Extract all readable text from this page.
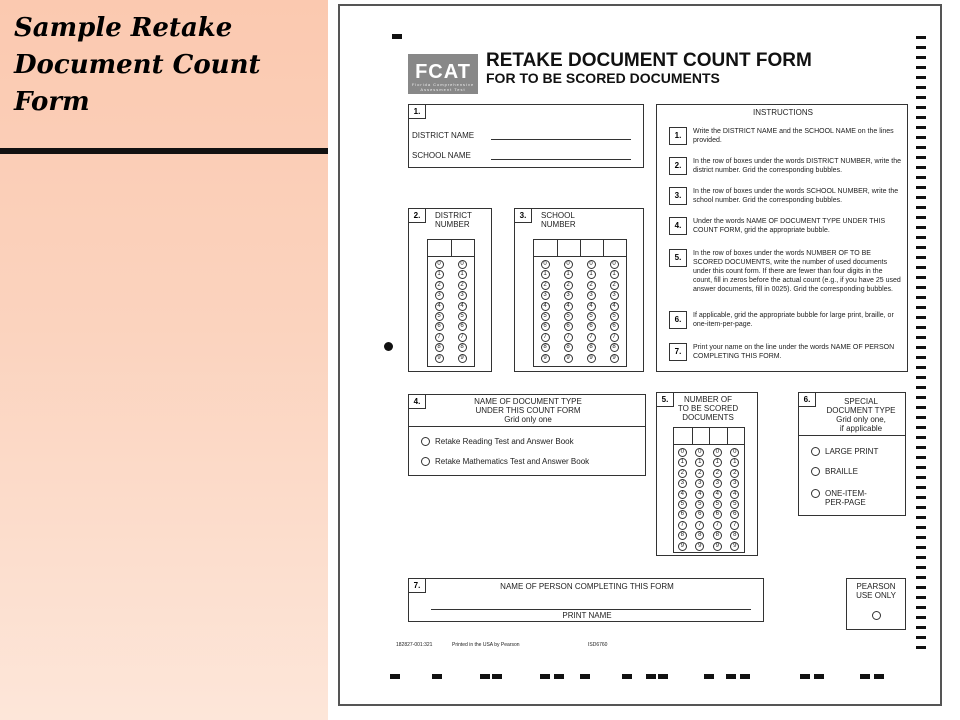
Sample Retake
Document Count
Form
FCAT
Florida Comprehensive Assessment Test
RETAKE DOCUMENT COUNT FORM
FOR TO BE SCORED DOCUMENTS
1.
DISTRICT NAME
SCHOOL NAME
2.	DISTRICT
NUMBER
0
1
2
3
4
5
6
7
8
9
0
1
2
3
4
5
6
7
8
9
3.	SCHOOL
NUMBER
0
1
2
3
4
5
6
7
8
9
0
1
2
3
4
5
6
7
8
9
0
1
2
3
4
5
6
7
8
9
0
1
2
3
4
5
6
7
8
9
INSTRUCTIONS
1.	Write the DISTRICT NAME and the SCHOOL NAME on the lines provided.
2.	In the row of boxes under the words DISTRICT NUMBER, write the district number. Grid the corresponding bubbles.
3.	In the row of boxes under the words SCHOOL NUMBER, write the school number. Grid the corresponding bubbles.
4.	Under the words NAME OF DOCUMENT TYPE UNDER THIS COUNT FORM, grid the appropriate bubble.
5.	In the row of boxes under the words NUMBER OF TO BE SCORED DOCUMENTS, write the number of used documents under this count form. If there are fewer than four digits in the count, fill in zeros before the actual count (e.g., if you have 25 used answer documents, fill in 0025). Grid the corresponding bubbles.
6.	If applicable, grid the appropriate bubble for large print, braille, or one-item-per-page.
7.	Print your name on the line under the words NAME OF PERSON COMPLETING THIS FORM.
4.	NAME OF DOCUMENT TYPE
UNDER THIS COUNT FORM
Grid only one
Retake Reading Test and Answer Book
Retake Mathematics Test and Answer Book
5.	NUMBER OF
TO BE SCORED
DOCUMENTS
0
1
2
3
4
5
6
7
8
9
0
1
2
3
4
5
6
7
8
9
0
1
2
3
4
5
6
7
8
9
0
1
2
3
4
5
6
7
8
9
6.	SPECIAL
DOCUMENT TYPE
Grid only one,
if applicable
LARGE PRINT
BRAILLE
ONE-ITEM-
PER-PAGE
7.	NAME OF PERSON COMPLETING THIS FORM
PRINT NAME
PEARSON
USE ONLY
182827-001:321	Printed in the USA by Pearson	ISD6760
